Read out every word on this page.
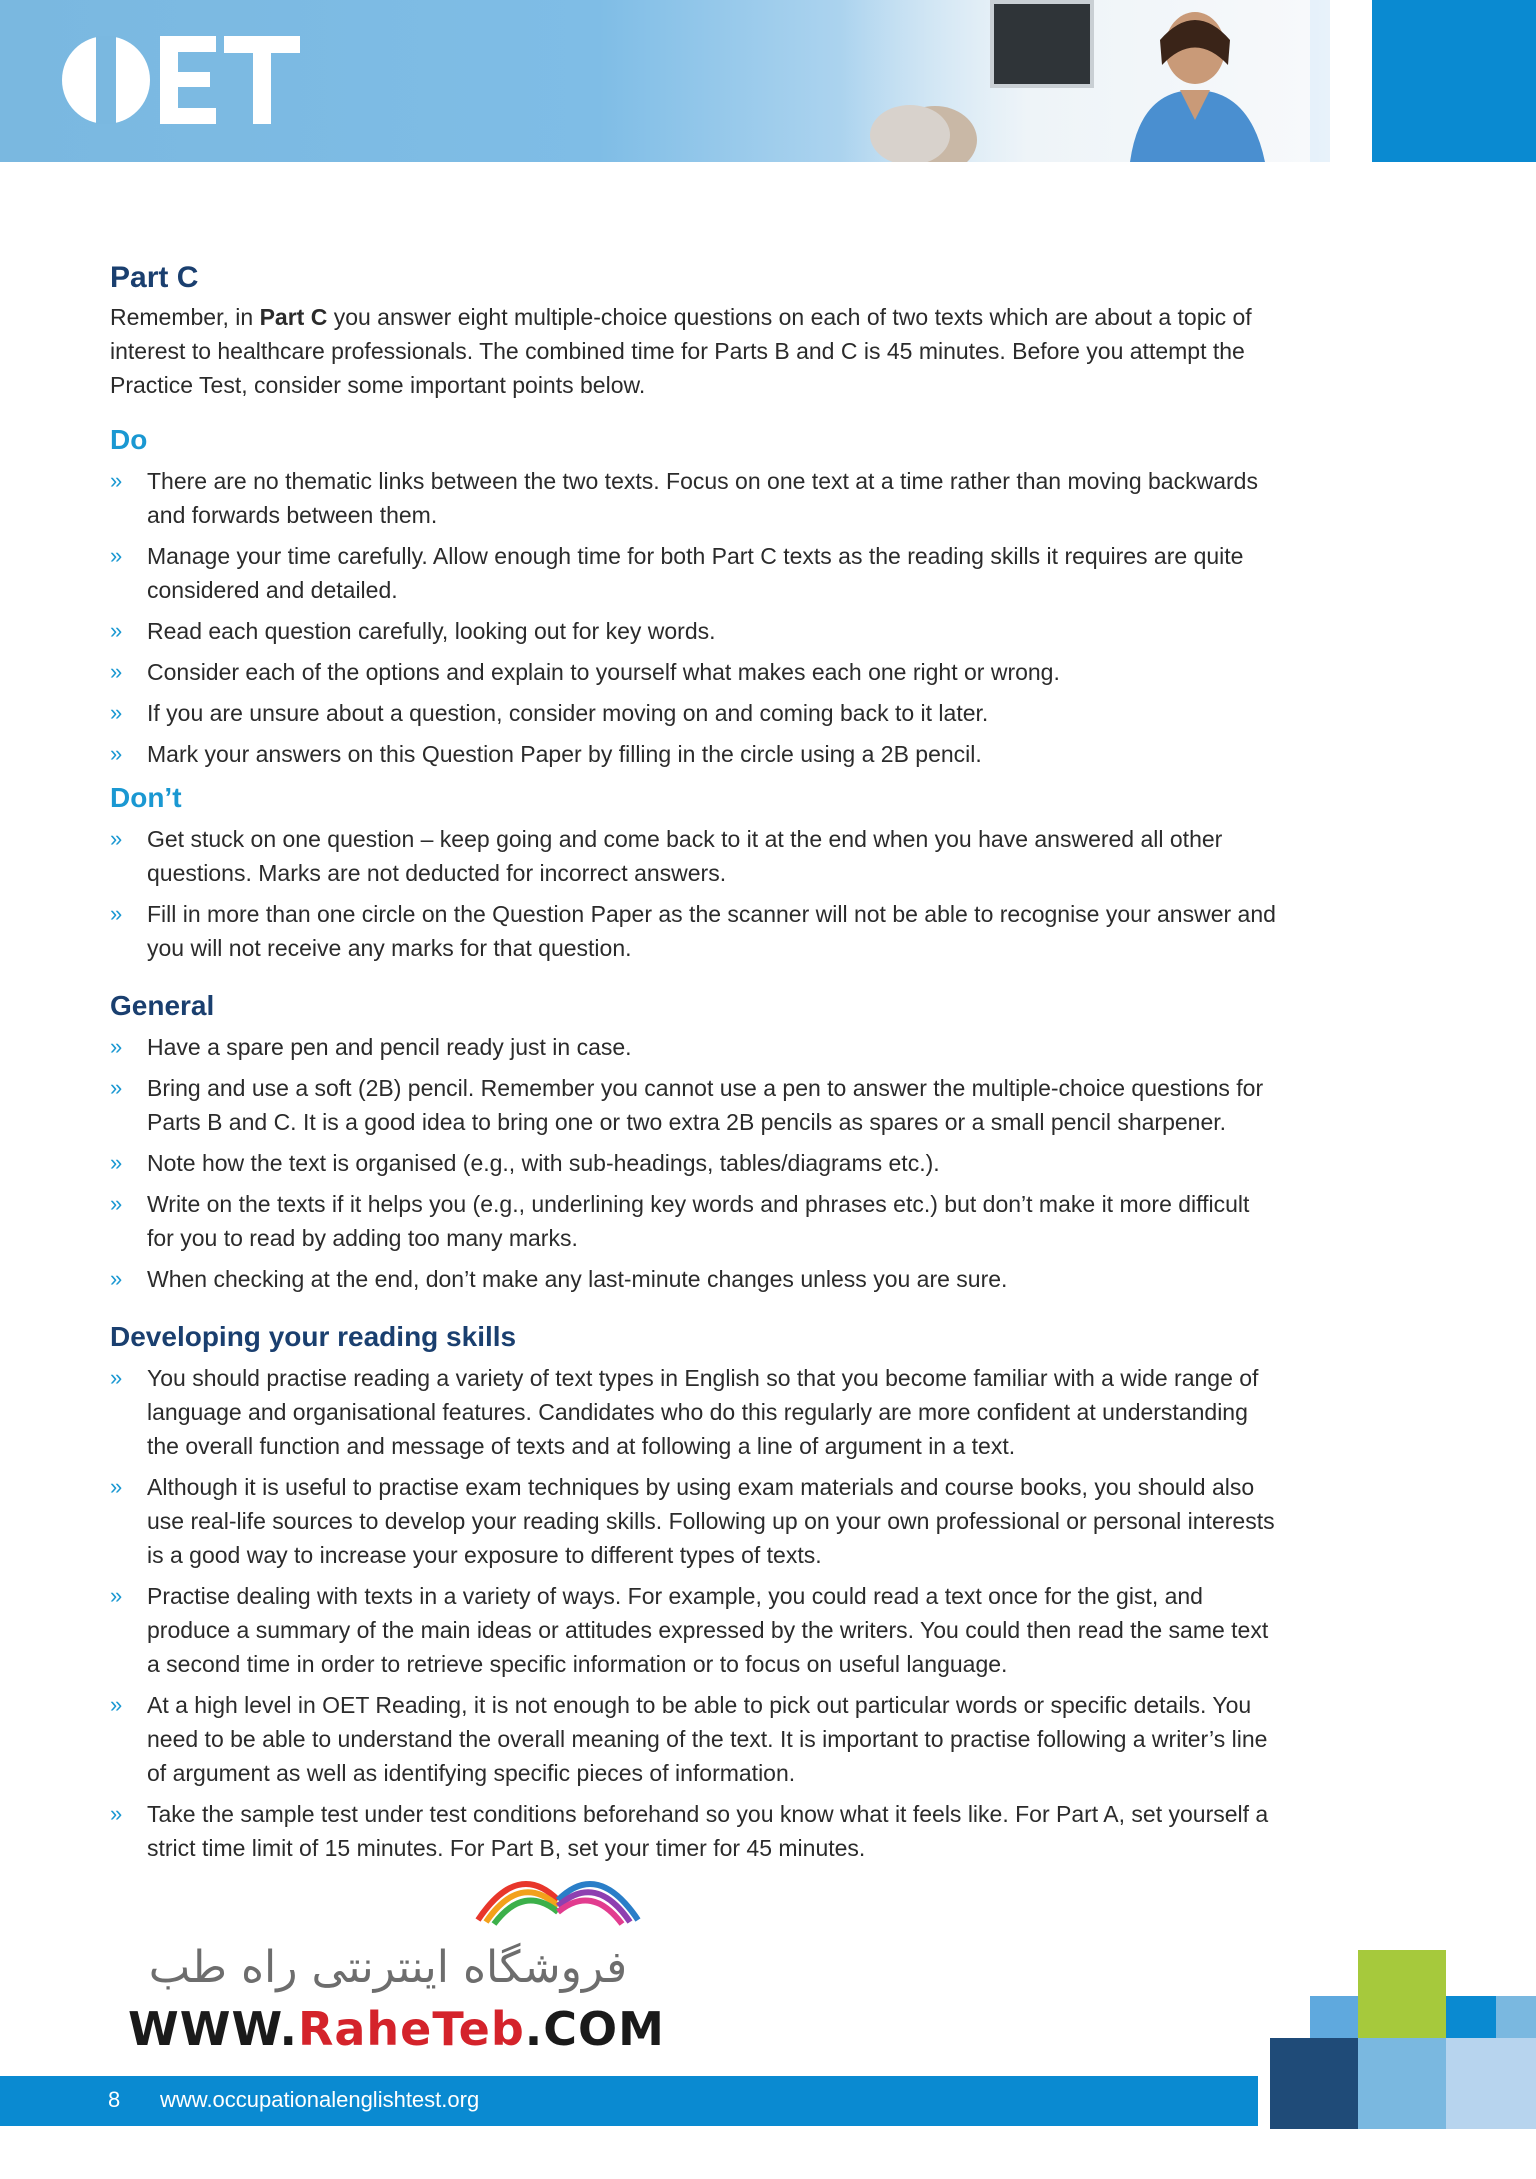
Part C

Remember, in Part C you answer eight multiple-choice questions on each of two texts which are about a topic of interest to healthcare professionals. The combined time for Parts B and C is 45 minutes. Before you attempt the Practice Test, consider some important points below.

Do
» There are no thematic links between the two texts. Focus on one text at a time rather than moving backwards and forwards between them.
» Manage your time carefully. Allow enough time for both Part C texts as the reading skills it requires are quite considered and detailed.
» Read each question carefully, looking out for key words.
» Consider each of the options and explain to yourself what makes each one right or wrong.
» If you are unsure about a question, consider moving on and coming back to it later.
» Mark your answers on this Question Paper by filling in the circle using a 2B pencil.
Don’t
» Get stuck on one question – keep going and come back to it at the end when you have answered all other questions. Marks are not deducted for incorrect answers.
» Fill in more than one circle on the Question Paper as the scanner will not be able to recognise your answer and you will not receive any marks for that question.
General
» Have a spare pen and pencil ready just in case.
» Bring and use a soft (2B) pencil. Remember you cannot use a pen to answer the multiple-choice questions for Parts B and C. It is a good idea to bring one or two extra 2B pencils as spares or a small pencil sharpener.
» Note how the text is organised (e.g., with sub-headings, tables/diagrams etc.).
» Write on the texts if it helps you (e.g., underlining key words and phrases etc.) but don’t make it more difficult for you to read by adding too many marks.
» When checking at the end, don’t make any last-minute changes unless you are sure.
Developing your reading skills
» You should practise reading a variety of text types in English so that you become familiar with a wide range of language and organisational features. Candidates who do this regularly are more confident at understanding the overall function and message of texts and at following a line of argument in a text.
» Although it is useful to practise exam techniques by using exam materials and course books, you should also use real-life sources to develop your reading skills. Following up on your own professional or personal interests is a good way to increase your exposure to different types of texts.
» Practise dealing with texts in a variety of ways. For example, you could read a text once for the gist, and produce a summary of the main ideas or attitudes expressed by the writers. You could then read the same text a second time in order to retrieve specific information or to focus on useful language.
» At a high level in OET Reading, it is not enough to be able to pick out particular words or specific details. You need to be able to understand the overall meaning of the text. It is important to practise following a writer’s line of argument as well as identifying specific pieces of information.
» Take the sample test under test conditions beforehand so you know what it feels like. For Part A, set yourself a strict time limit of 15 minutes. For Part B, set your timer for 45 minutes.
فروشگاه اینترنتی راه طب
WWW.RaheTeb.COM
8 www.occupationalenglishtest.org
